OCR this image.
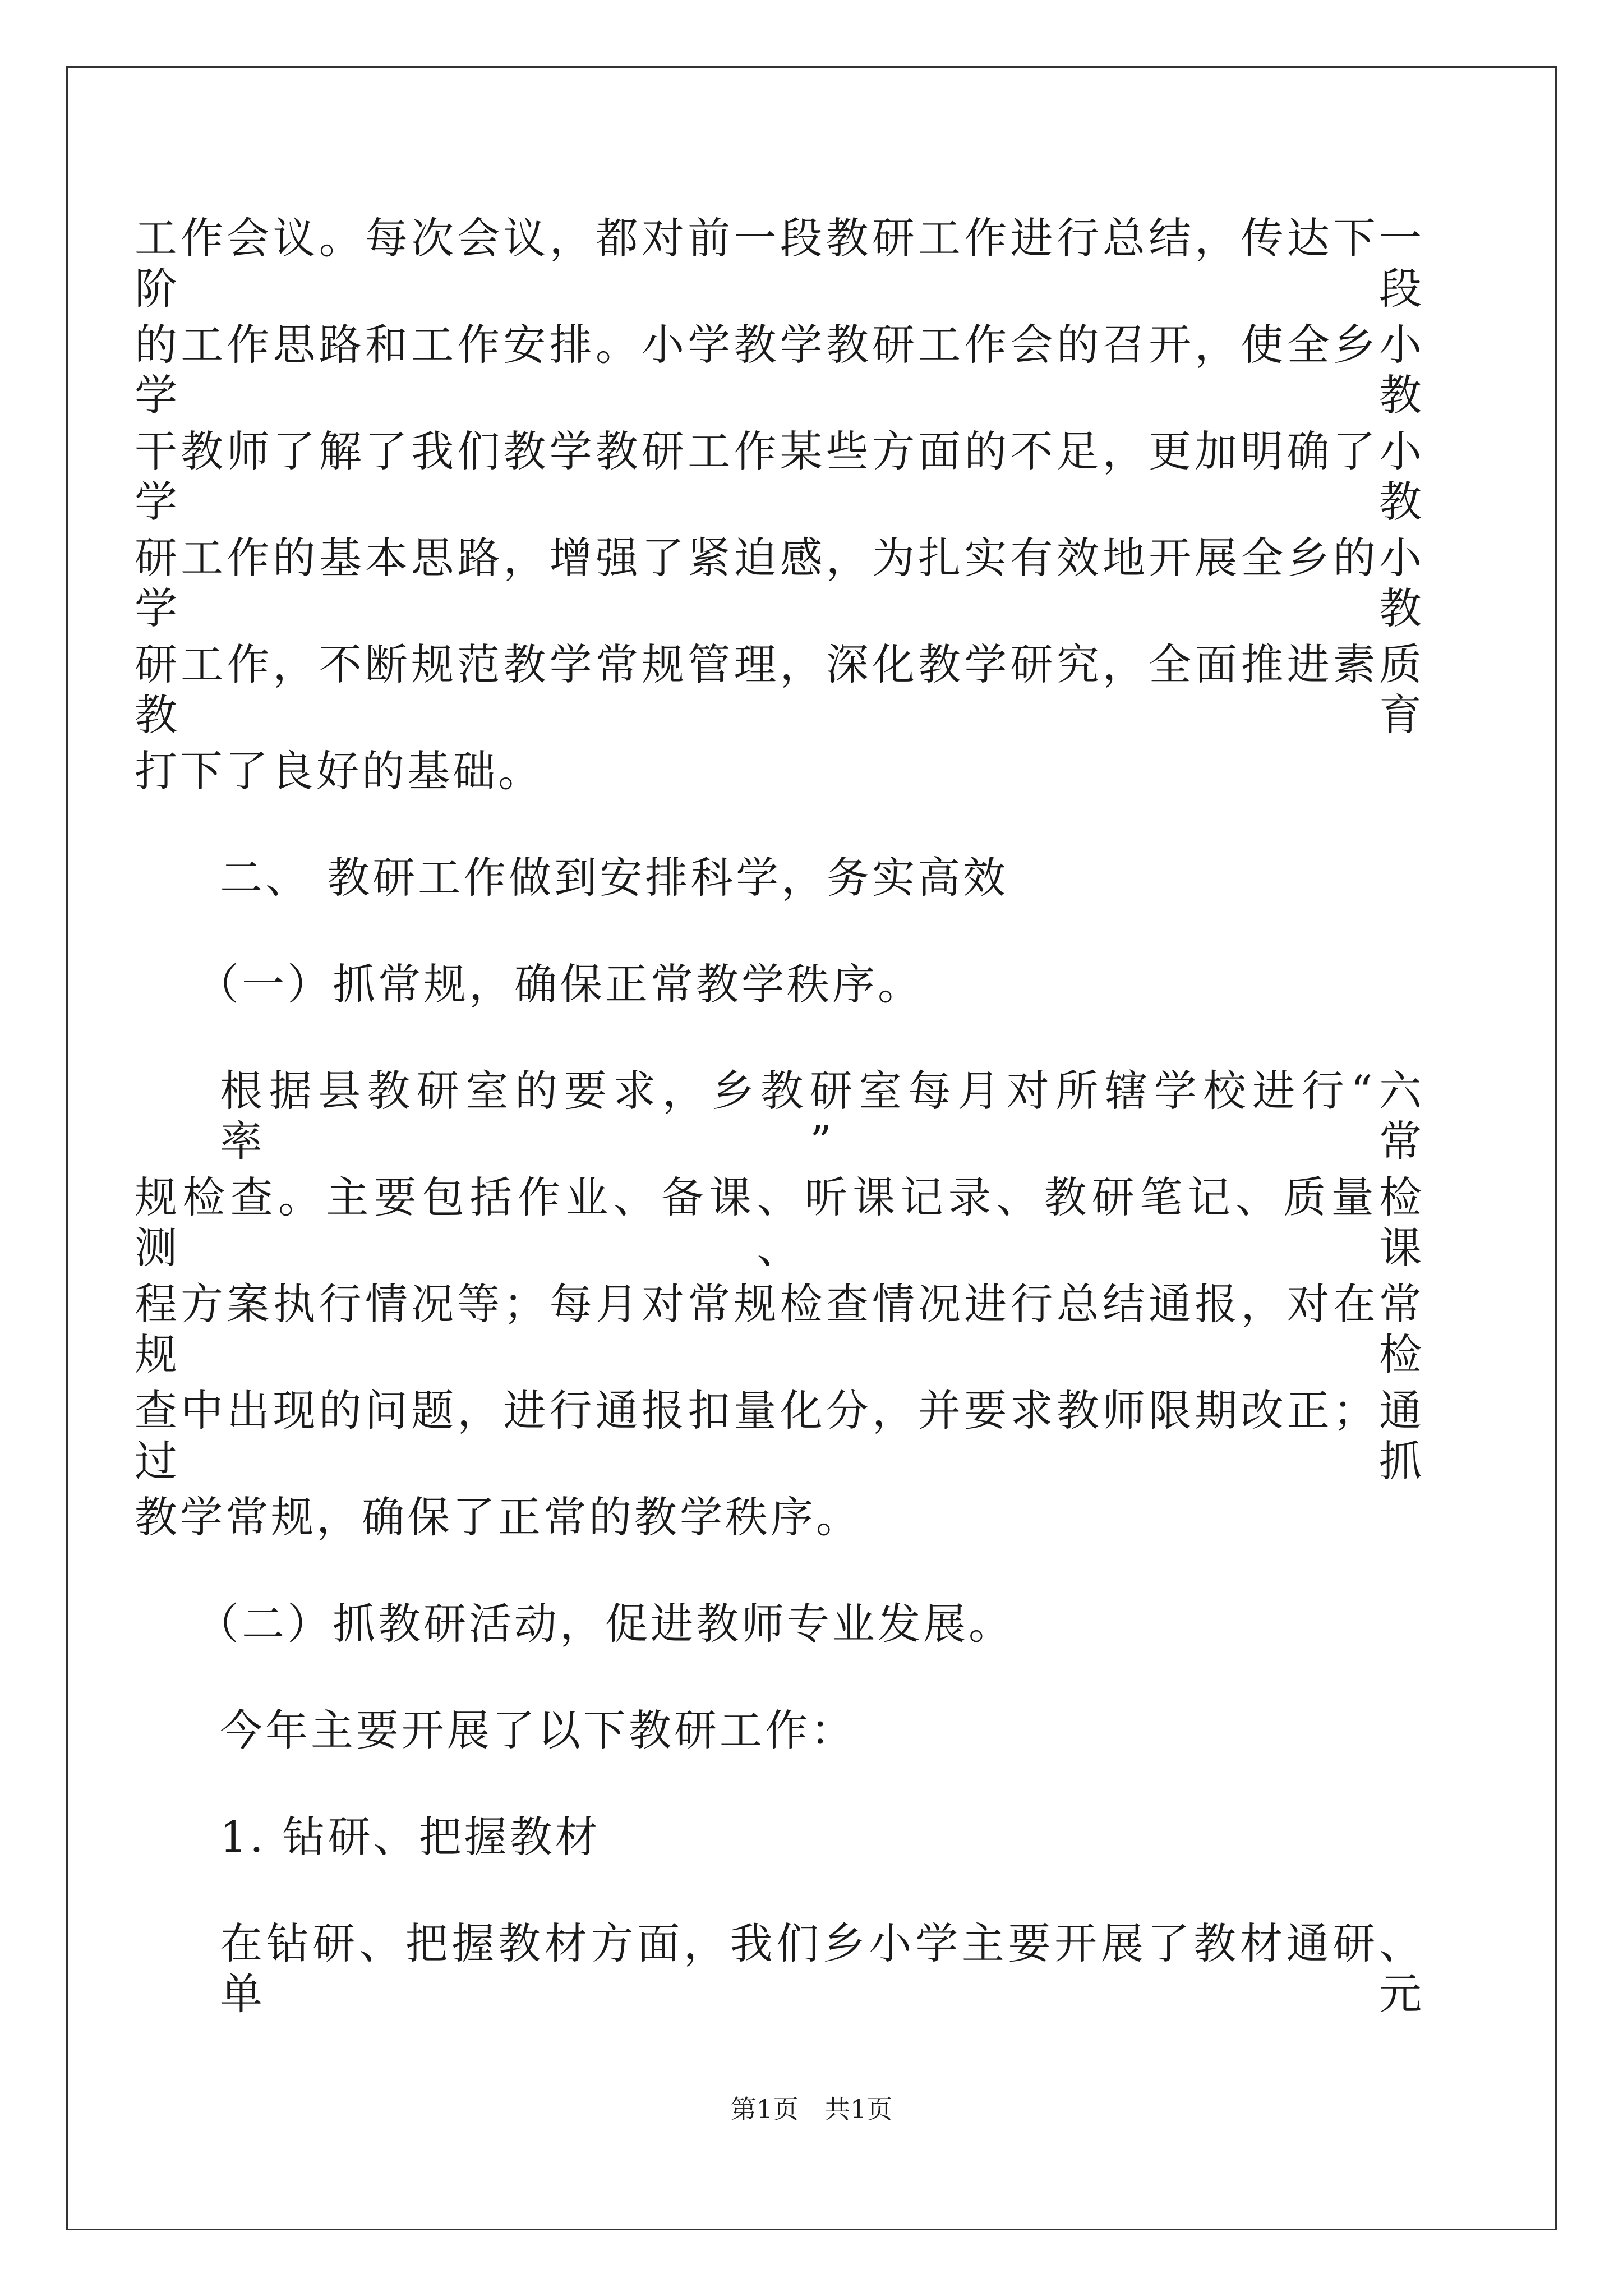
工作会议。每次会议，都对前一段教研工作进行总结，传达下一阶段
的工作思路和工作安排。小学教学教研工作会的召开，使全乡小学教
干教师了解了我们教学教研工作某些方面的不足，更加明确了小学教
研工作的基本思路，增强了紧迫感，为扎实有效地开展全乡的小学教
研工作，不断规范教学常规管理，深化教学研究，全面推进素质教育
打下了良好的基础。
二、 教研工作做到安排科学，务实高效
（一）抓常规，确保正常教学秩序。
根据县教研室的要求，乡教研室每月对所辖学校进行“六率”常
规检查。主要包括作业、备课、听课记录、教研笔记、质量检测、课
程方案执行情况等；每月对常规检查情况进行总结通报，对在常规检
查中出现的问题，进行通报扣量化分，并要求教师限期改正；通过抓
教学常规，确保了正常的教学秩序。
（二）抓教研活动，促进教师专业发展。
今年主要开展了以下教研工作：
1. 钻研、把握教材
在钻研、把握教材方面，我们乡小学主要开展了教材通研、单元
第1页　共1页
